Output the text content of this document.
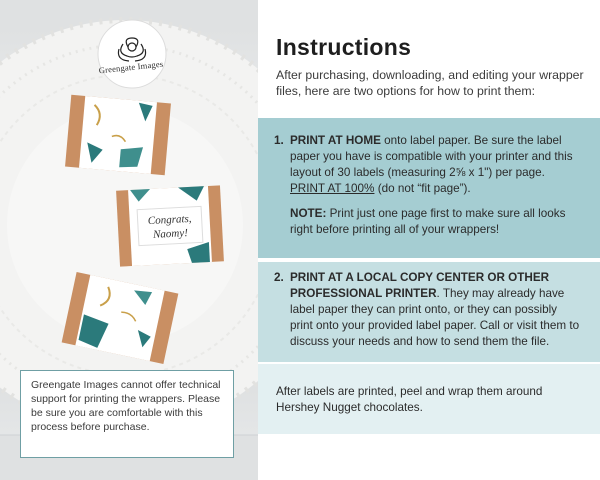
Congrats,
Naomy!
Greengate Images
Greengate Images cannot offer technical support for printing the wrappers. Please be sure you are comfortable with this process before purchase.
Instructions
After purchasing, downloading, and editing your wrapper files, here are two options for how to print them:
1. PRINT AT HOME onto label paper. Be sure the label paper you have is compatible with your printer and this layout of 30 labels (measuring 2⅝ x 1") per page. PRINT AT 100% (do not “fit page”).
NOTE: Print just one page first to make sure all looks right before printing all of your wrappers!
2. PRINT AT A LOCAL COPY CENTER OR OTHER PROFESSIONAL PRINTER. They may already have label paper they can print onto, or they can possibly print onto your provided label paper. Call or visit them to discuss your needs and how to send them the file.
After labels are printed, peel and wrap them around Hershey Nugget chocolates.
